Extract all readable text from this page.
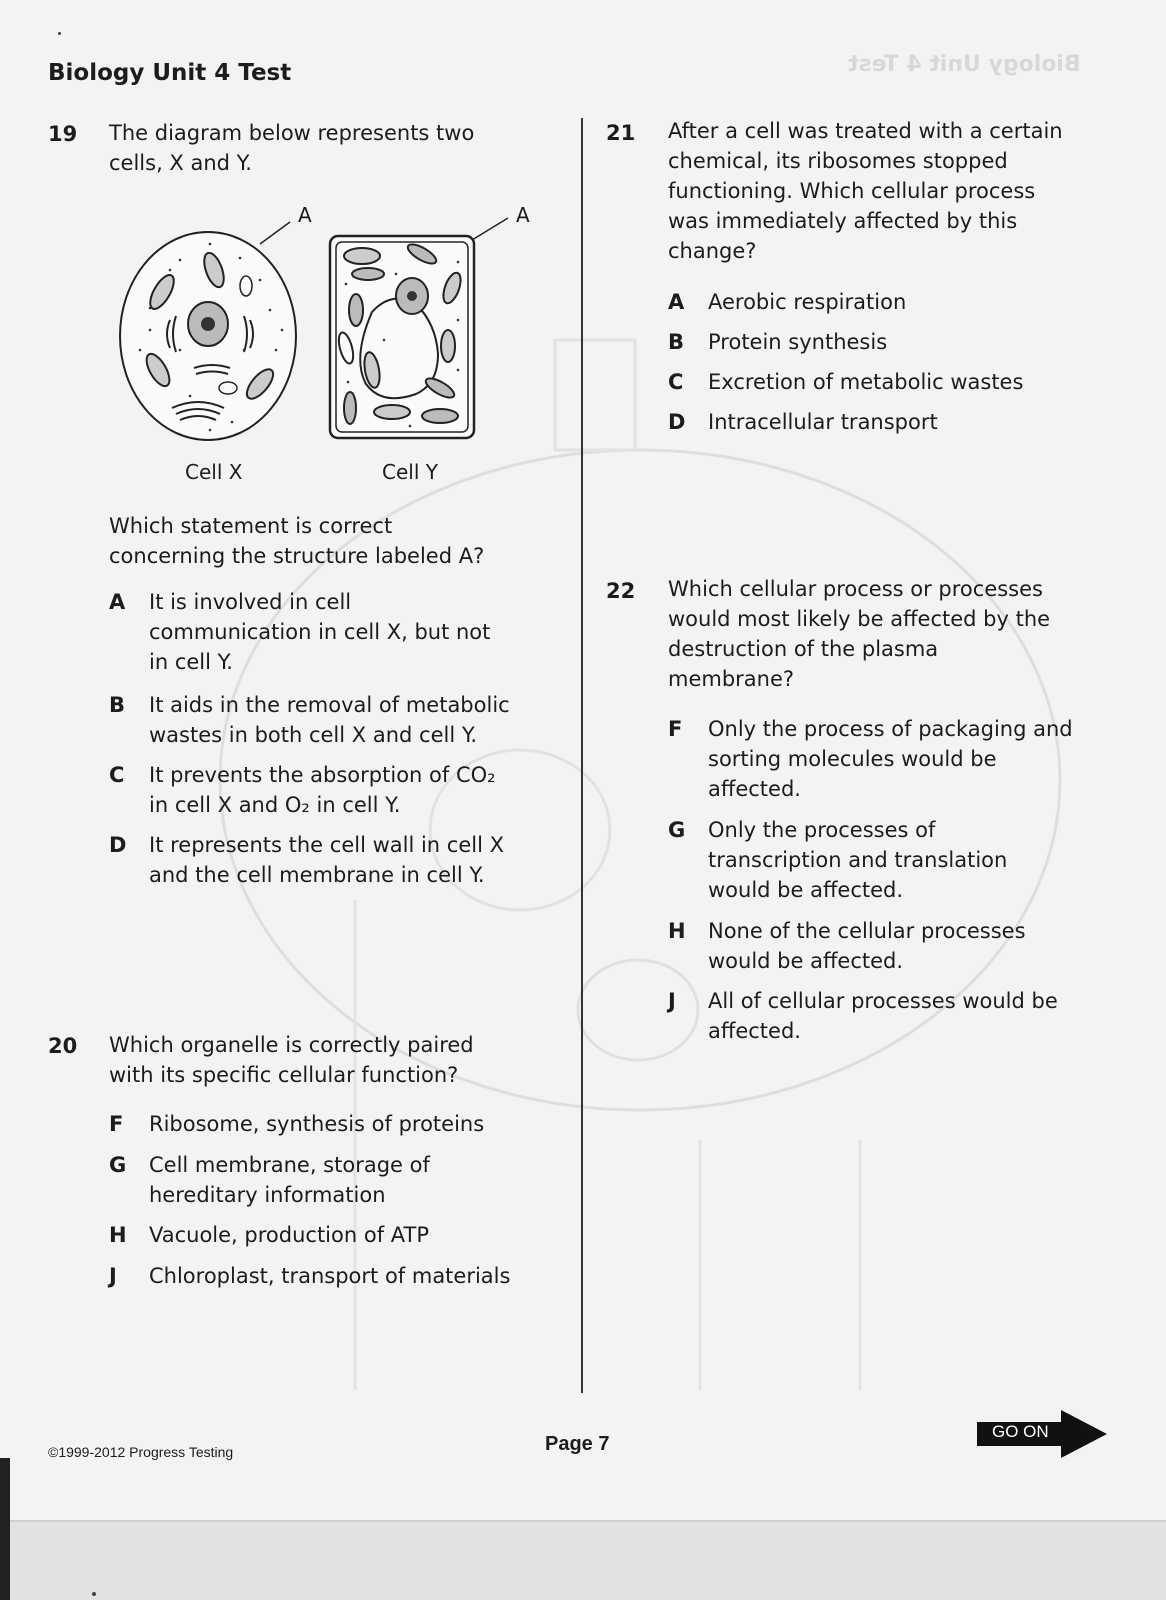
Biology Unit 4 Test
Biology Unit 4 Test
19 The diagram below represents two
cells, X and Y.
A	A
Cell X	Cell Y
Which statement is correct
concerning the structure labeled A?
A It is involved in cell
communication in cell X, but not
in cell Y.
B It aids in the removal of metabolic
wastes in both cell X and cell Y.
C It prevents the absorption of CO₂
in cell X and O₂ in cell Y.
D It represents the cell wall in cell X
and the cell membrane in cell Y.
20 Which organelle is correctly paired
with its specific cellular function?
F Ribosome, synthesis of proteins
G Cell membrane, storage of
hereditary information
H Vacuole, production of ATP
J Chloroplast, transport of materials
21 After a cell was treated with a certain
chemical, its ribosomes stopped
functioning. Which cellular process
was immediately affected by this
change?
A Aerobic respiration
B Protein synthesis
C Excretion of metabolic wastes
D Intracellular transport
22 Which cellular process or processes
would most likely be affected by the
destruction of the plasma
membrane?
F Only the process of packaging and
sorting molecules would be
affected.
G Only the processes of
transcription and translation
would be affected.
H None of the cellular processes
would be affected.
J All of cellular processes would be
affected.
©1999-2012 Progress Testing	Page 7
GO ON
